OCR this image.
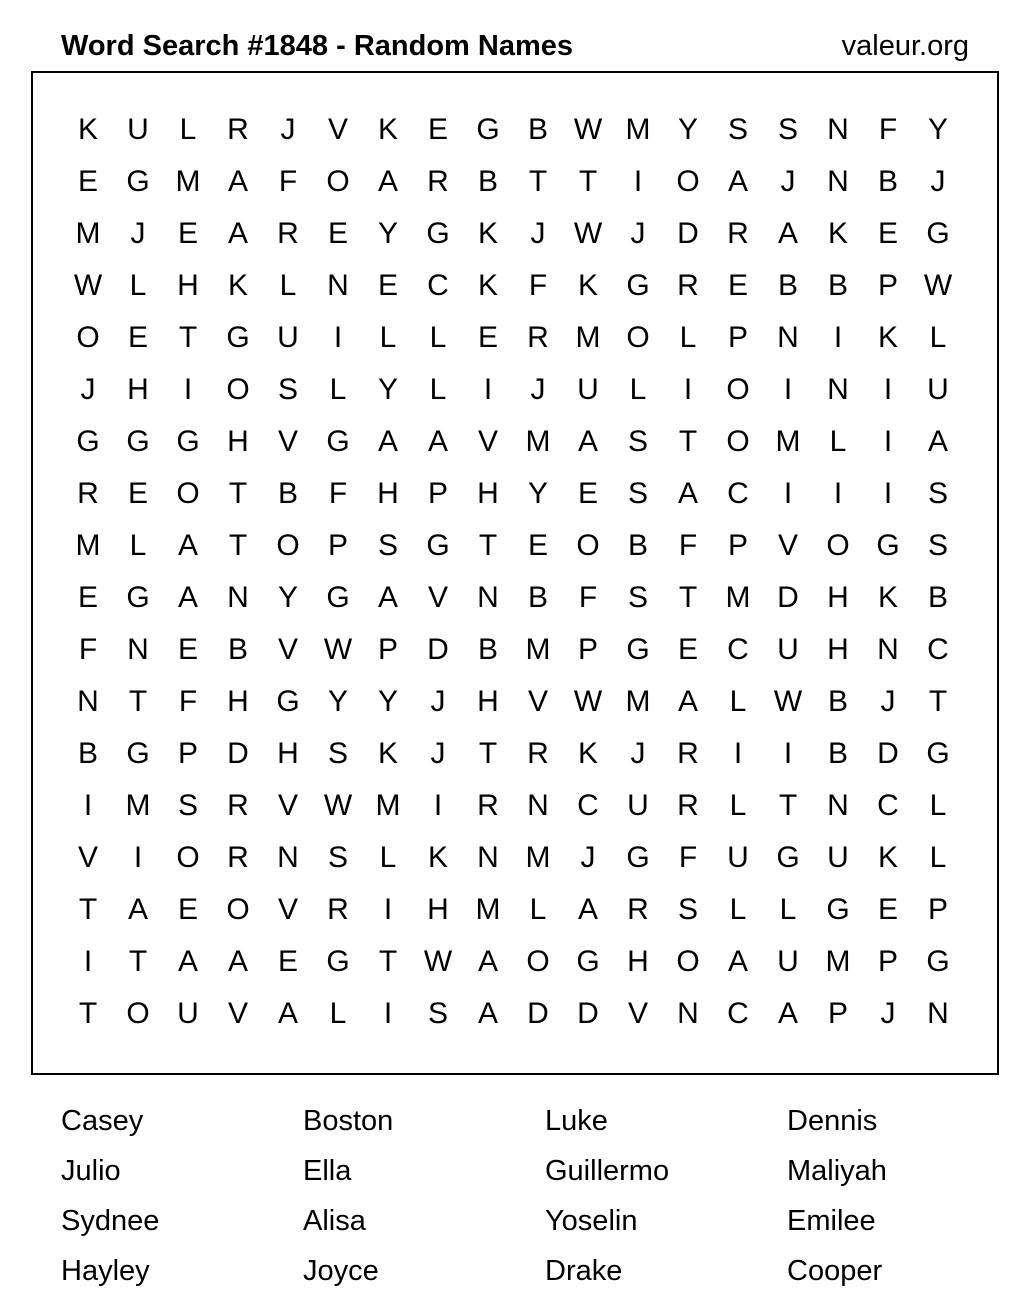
Word Search #1848 - Random Names	valeur.org
K U	L	R	J	V K E G B W M Y S S N	F	Y
E G M A	F O A R B	T	T	I	O A	J	N B	J
M	J	E A R E Y G K	J W J	D R A K E G
W L	H K	L	N E C K	F	K G R E B B P W
O E	T G U	I	L	L	E R M O L	P N	I	K	L
J	H	I	O S	L	Y	L	I	J	U	L	I	O	I	N	I	U
G G G H V G A A V M A S	T O M L	I	A
R E O T	B	F	H P H Y E S A C	I	I	I	S
M L	A	T O P S G T	E O B	F	P V O G S
E G A N Y G A V N B	F	S	T M D H K B
F	N E B V W P D B M P G E C U H N C
N	T	F	H G Y Y	J	H V W M A	L W B	J	T
B G P D H S K	J	T	R K	J	R	I	I	B D G
I	M S R V W M	I	R N C U R	L	T	N C	L
V	I	O R N S	L	K N M	J	G F	U G U K	L
T	A E O V R	I	H M L	A R S	L	L G E P
I	T	A A E G T W A O G H O A U M P G
T O U V A	L	I	S A D D V N C A P	J	N
Casey	Boston	Luke	Dennis
Julio	Ella	Guillermo	Maliyah
Sydnee	Alisa	Yoselin	Emilee
Hayley	Joyce	Drake	Cooper
